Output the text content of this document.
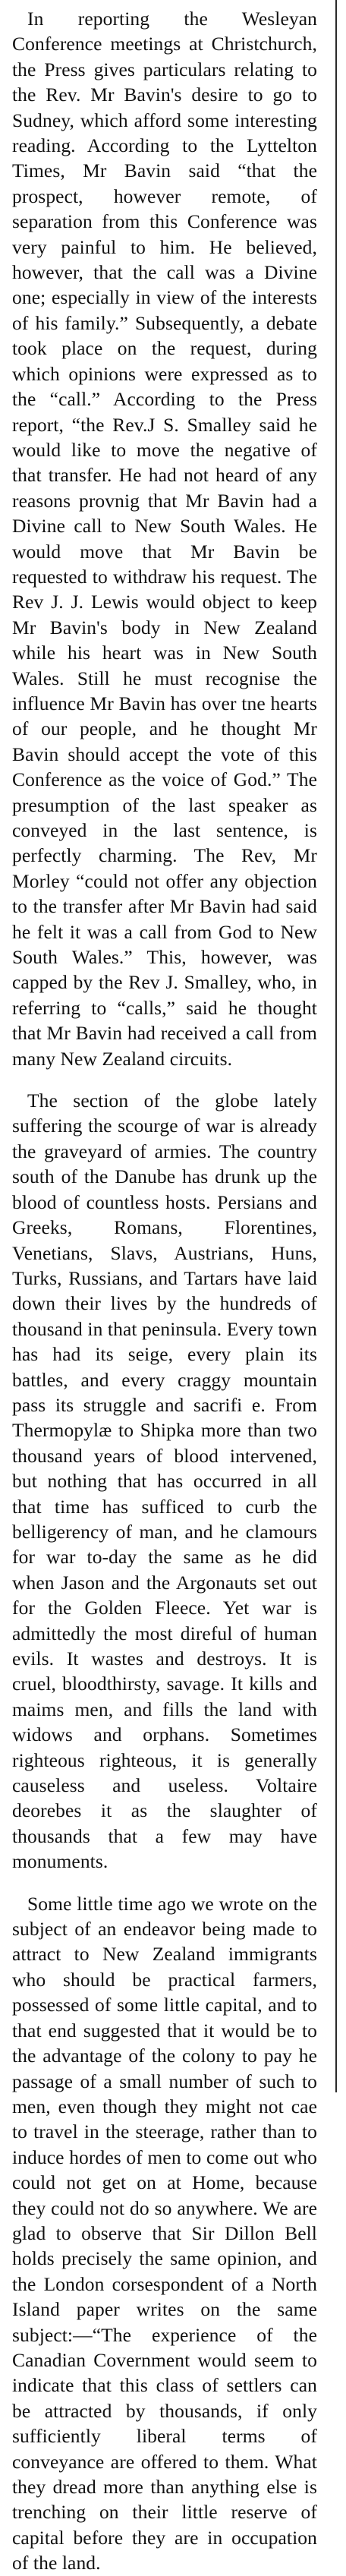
In reporting the Wesleyan Conference meetings at Christchurch, the Press gives particulars relating to the Rev. Mr Bavin's desire to go to Sudney, which afford some interesting reading. According to the Lyttelton Times, Mr Bavin said “that the prospect, however remote, of separation from this Conference was very painful to him. He believed, however, that the call was a Divine one; especially in view of the interests of his family.” Subsequently, a debate took place on the request, during which opinions were expressed as to the “call.” According to the Press report, “the Rev.J S. Smalley said he would like to move the negative of that transfer. He had not heard of any reasons provnig that Mr Bavin had a Divine call to New South Wales. He would move that Mr Bavin be requested to withdraw his request. The Rev J. J. Lewis would object to keep Mr Bavin's body in New Zealand while his heart was in New South Wales. Still he must recognise the influence Mr Bavin has over tne hearts of our people, and he thought Mr Bavin should accept the vote of this Conference as the voice of God.” The presumption of the last speaker as conveyed in the last sentence, is perfectly charming. The Rev, Mr Morley “could not offer any objection to the transfer after Mr Bavin had said he felt it was a call from God to New South Wales.” This, however, was capped by the Rev J. Smalley, who, in referring to “calls,” said he thought that Mr Bavin had received a call from many New Zealand circuits.

The section of the globe lately suffering the scourge of war is already the graveyard of armies. The country south of the Danube has drunk up the blood of countless hosts. Persians and Greeks, Romans, Florentines, Venetians, Slavs, Austrians, Huns, Turks, Russians, and Tartars have laid down their lives by the hundreds of thousand in that peninsula. Every town has had its seige, every plain its battles, and every craggy mountain pass its struggle and sacrifi e. From Thermopylæ to Shipka more than two thousand years of blood intervened, but nothing that has occurred in all that time has sufficed to curb the belligerency of man, and he clamours for war to-day the same as he did when Jason and the Argonauts set out for the Golden Fleece. Yet war is admittedly the most direful of human evils. It wastes and destroys. It is cruel, bloodthirsty, savage. It kills and maims men, and fills the land with widows and orphans. Sometimes righteous righteous, it is generally causeless and useless. Voltaire deorebes it as the slaughter of thousands that a few may have monuments.

Some little time ago we wrote on the subject of an endeavor being made to attract to New Zealand immigrants who should be practical farmers, possessed of some little capital, and to that end suggested that it would be to the advantage of the colony to pay he passage of a small number of such to men, even though they might not cae to travel in the steerage, rather than to induce hordes of men to come out who could not get on at Home, because they could not do so anywhere. We are glad to observe that Sir Dillon Bell holds precisely the same opinion, and the London corsespondent of a North Island paper writes on the same subject:—“The experience of the Canadian Covernment would seem to indicate that this class of settlers can be attracted by thousands, if only sufficiently liberal terms of conveyance are offered to them. What they dread more than anything else is trenching on their little reserve of capital before they are in occupation of the land.
